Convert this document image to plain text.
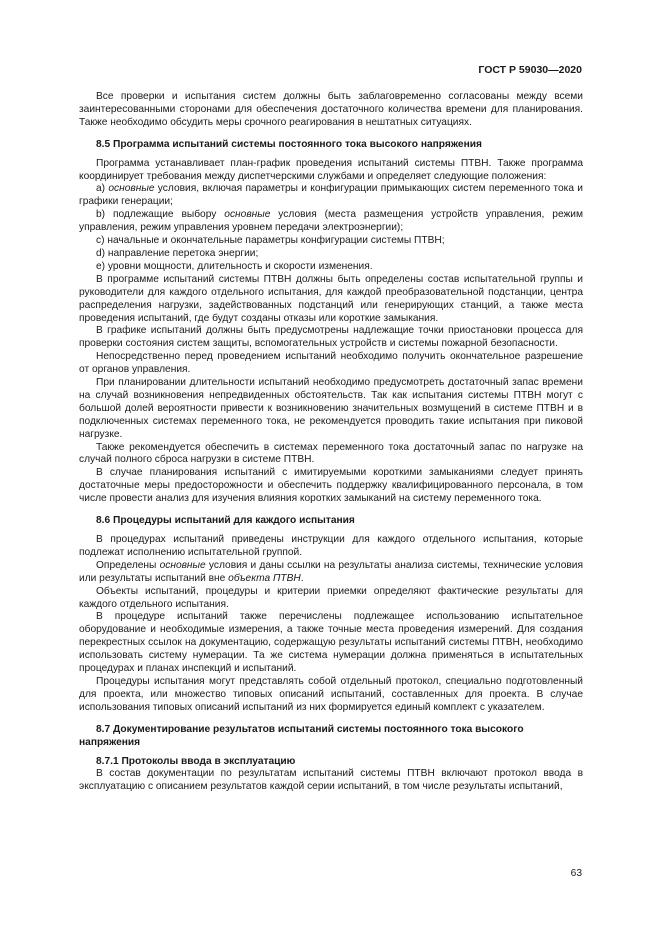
ГОСТ Р 59030—2020

Все проверки и испытания систем должны быть заблаговременно согласованы между всеми заинтересованными сторонами для обеспечения достаточного количества времени для планирования. Также необходимо обсудить меры срочного реагирования в нештатных ситуациях.

8.5 Программа испытаний системы постоянного тока высокого напряжения

Программа устанавливает план-график проведения испытаний системы ПТВН. Также программа координирует требования между диспетчерскими службами и определяет следующие положения:

а) основные условия, включая параметры и конфигурации примыкающих систем переменного тока и графики генерации;

b) подлежащие выбору основные условия (места размещения устройств управления, режим управления, режим управления уровнем передачи электроэнергии);

с) начальные и окончательные параметры конфигурации системы ПТВН;

d) направление перетока энергии;

е) уровни мощности, длительность и скорости изменения.

В программе испытаний системы ПТВН должны быть определены состав испытательной группы и руководители для каждого отдельного испытания, для каждой преобразовательной подстанции, центра распределения нагрузки, задействованных подстанций или генерирующих станций, а также места проведения испытаний, где будут созданы отказы или короткие замыкания.

В графике испытаний должны быть предусмотрены надлежащие точки приостановки процесса для проверки состояния систем защиты, вспомогательных устройств и системы пожарной безопасности.

Непосредственно перед проведением испытаний необходимо получить окончательное разрешение от органов управления.

При планировании длительности испытаний необходимо предусмотреть достаточный запас времени на случай возникновения непредвиденных обстоятельств. Так как испытания системы ПТВН могут с большой долей вероятности привести к возникновению значительных возмущений в системе ПТВН и в подключенных системах переменного тока, не рекомендуется проводить такие испытания при пиковой нагрузке.

Также рекомендуется обеспечить в системах переменного тока достаточный запас по нагрузке на случай полного сброса нагрузки в системе ПТВН.

В случае планирования испытаний с имитируемыми короткими замыканиями следует принять достаточные меры предосторожности и обеспечить поддержку квалифицированного персонала, в том числе провести анализ для изучения влияния коротких замыканий на систему переменного тока.

8.6 Процедуры испытаний для каждого испытания

В процедурах испытаний приведены инструкции для каждого отдельного испытания, которые подлежат исполнению испытательной группой.

Определены основные условия и даны ссылки на результаты анализа системы, технические условия или результаты испытаний вне объекта ПТВН.

Объекты испытаний, процедуры и критерии приемки определяют фактические результаты для каждого отдельного испытания.

В процедуре испытаний также перечислены подлежащее использованию испытательное оборудование и необходимые измерения, а также точные места проведения измерений. Для создания перекрестных ссылок на документацию, содержащую результаты испытаний системы ПТВН, необходимо использовать систему нумерации. Та же система нумерации должна применяться в испытательных процедурах и планах инспекций и испытаний.

Процедуры испытания могут представлять собой отдельный протокол, специально подготовленный для проекта, или множество типовых описаний испытаний, составленных для проекта. В случае использования типовых описаний испытаний из них формируется единый комплект с указателем.

8.7 Документирование результатов испытаний системы постоянного тока высокого напряжения
8.7.1 Протоколы ввода в эксплуатацию

В состав документации по результатам испытаний системы ПТВН включают протокол ввода в эксплуатацию с описанием результатов каждой серии испытаний, в том числе результаты испытаний,

63
